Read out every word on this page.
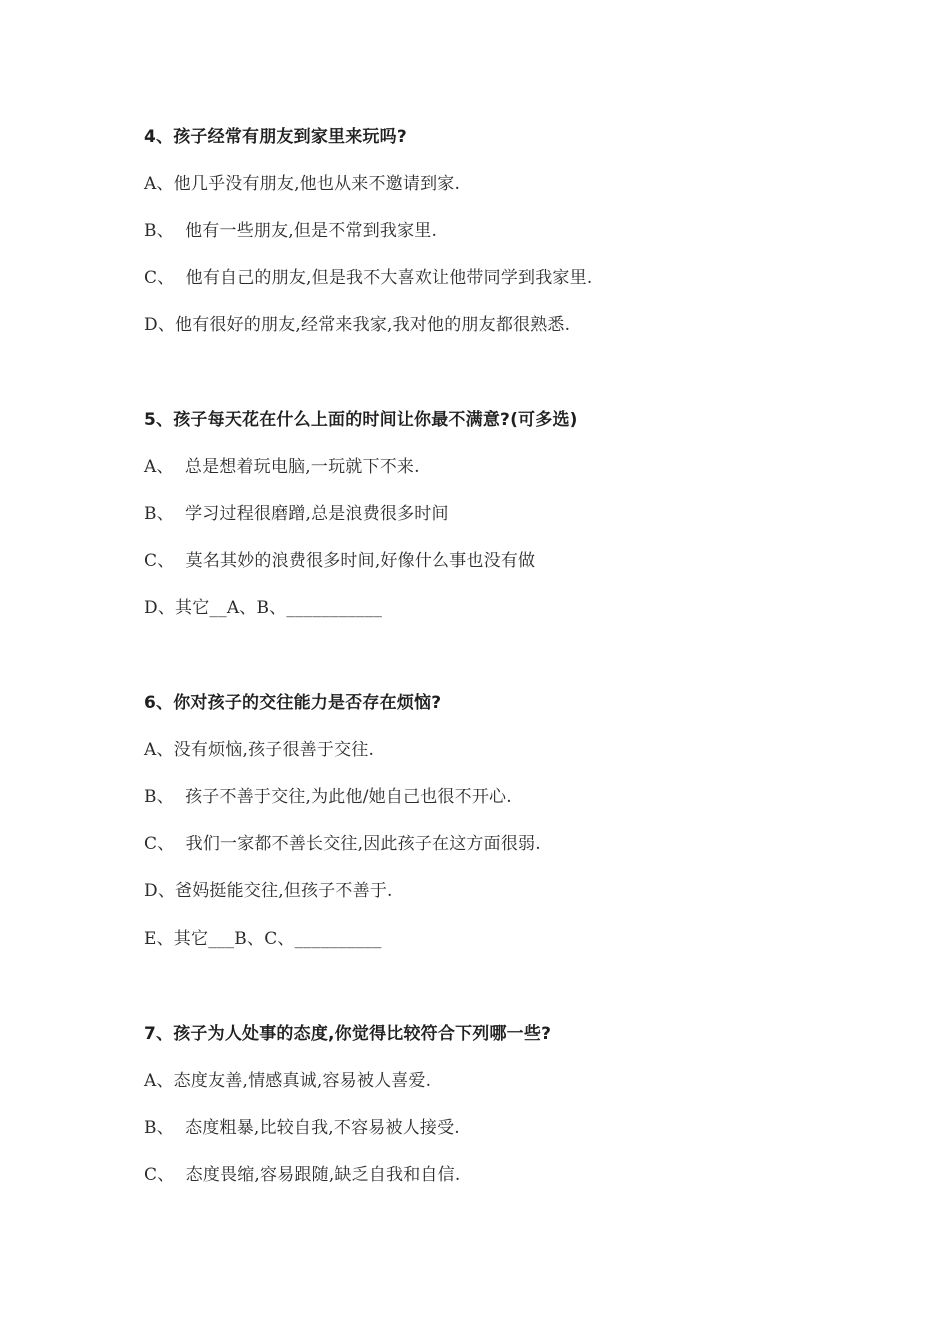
4、孩子经常有朋友到家里来玩吗?
A、他几乎没有朋友,他也从来不邀请到家.
B、  他有一些朋友,但是不常到我家里.
C、  他有自己的朋友,但是我不大喜欢让他带同学到我家里.
D、他有很好的朋友,经常来我家,我对他的朋友都很熟悉.
5、孩子每天花在什么上面的时间让你最不满意?(可多选)
A、  总是想着玩电脑,一玩就下不来.
B、  学习过程很磨蹭,总是浪费很多时间
C、  莫名其妙的浪费很多时间,好像什么事也没有做
D、其它__A、B、___________
6、你对孩子的交往能力是否存在烦恼?
A、没有烦恼,孩子很善于交往.
B、  孩子不善于交往,为此他/她自己也很不开心.
C、  我们一家都不善长交往,因此孩子在这方面很弱.
D、爸妈挺能交往,但孩子不善于.
E、其它___B、C、__________
7、孩子为人处事的态度,你觉得比较符合下列哪一些?
A、态度友善,情感真诚,容易被人喜爱.
B、  态度粗暴,比较自我,不容易被人接受.
C、  态度畏缩,容易跟随,缺乏自我和自信.
